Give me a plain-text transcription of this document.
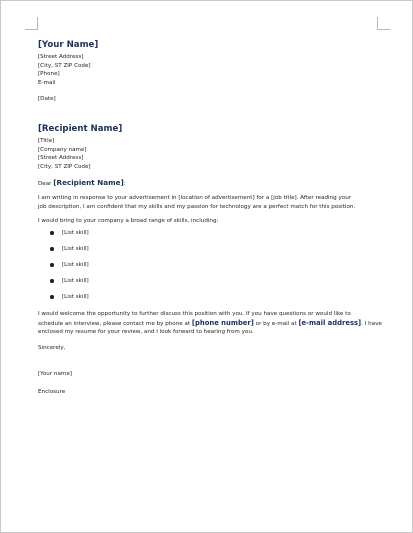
[Your Name]
[Street Address]
[City, ST ZIP Code]
[Phone]
E-mail
[Date]
[Recipient Name]
[Title]
[Company name]
[Street Address]
[City, ST ZIP Code]
Dear [Recipient Name]:
I am writing in response to your advertisement in [location of advertisement] for a [job title]. After reading your
job description, I am confident that my skills and my passion for technology are a perfect match for this position.
I would bring to your company a broad range of skills, including:
[List skill]
[List skill]
[List skill]
[List skill]
[List skill]
I would welcome the opportunity to further discuss this position with you. If you have questions or would like to
schedule an interview, please contact me by phone at [phone number] or by e-mail at [e-mail address]. I have
enclosed my resume for your review, and I look forward to hearing from you.
Sincerely,
[Your name]
Enclosure
